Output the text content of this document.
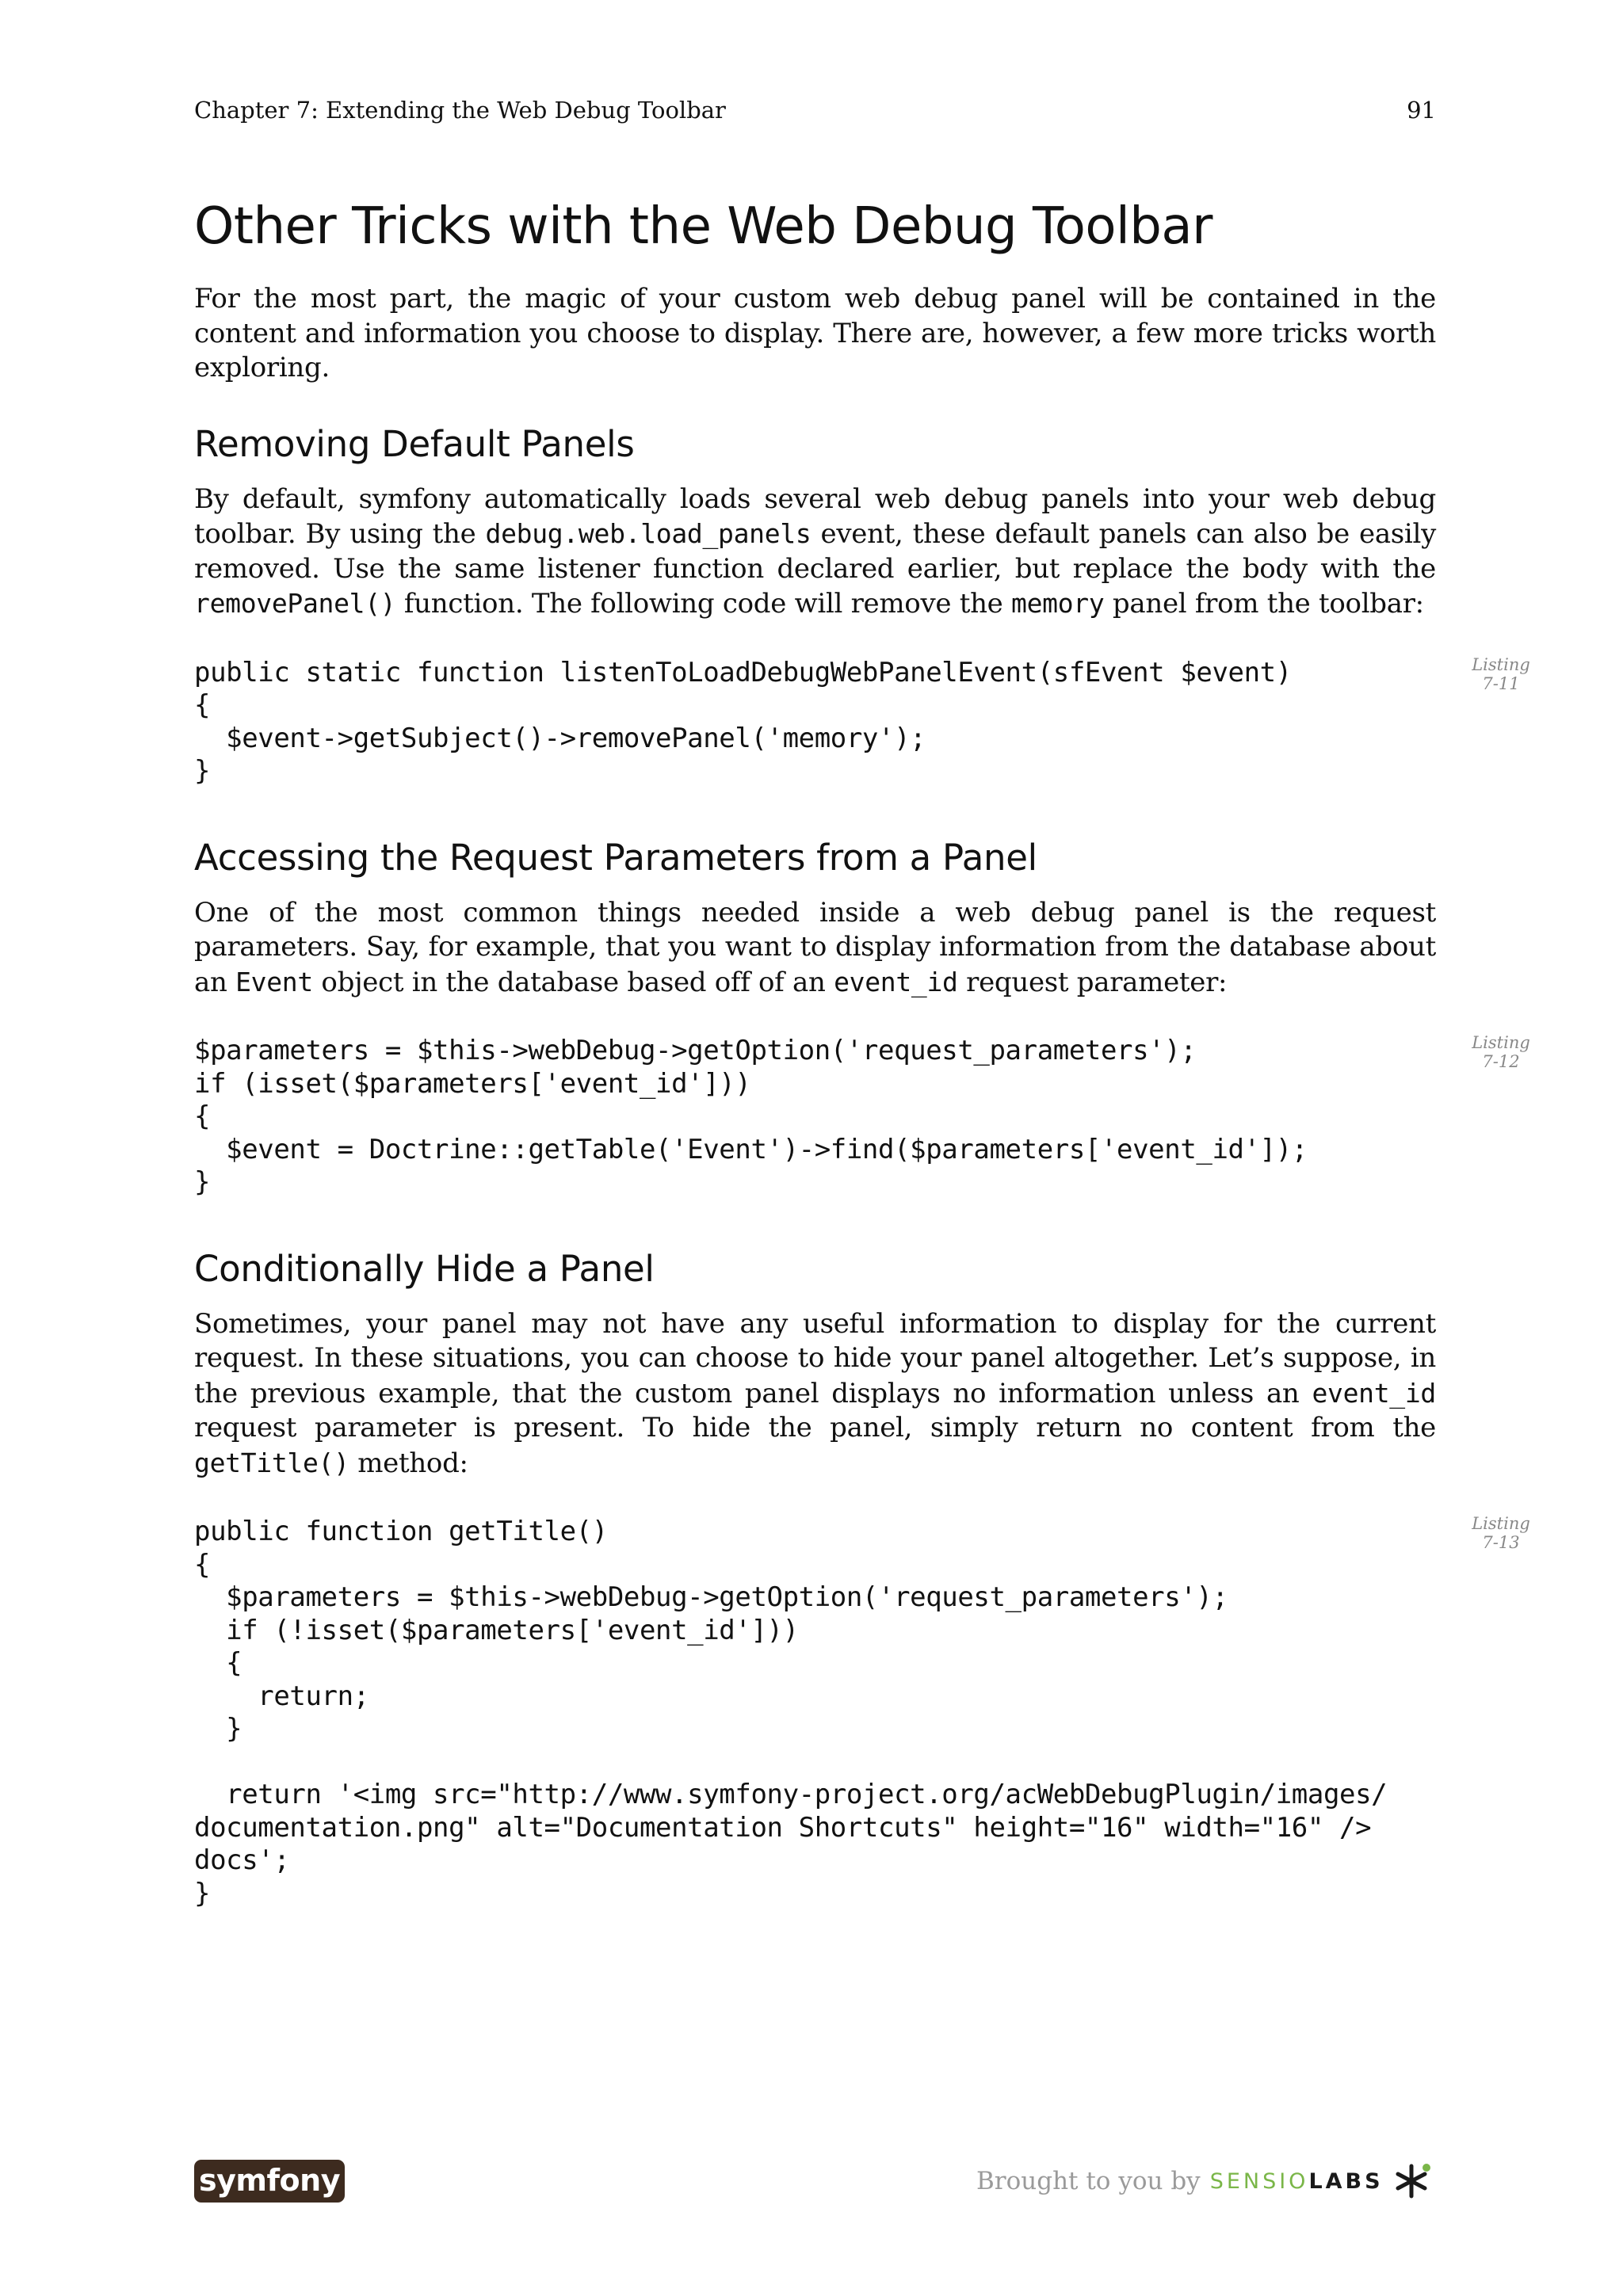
Chapter 7: Extending the Web Debug Toolbar	91
Other Tricks with the Web Debug Toolbar

For the most part, the magic of your custom web debug panel will be contained in the content and information you choose to display. There are, however, a few more tricks worth exploring.

Removing Default Panels

By default, symfony automatically loads several web debug panels into your web debug toolbar. By using the debug.web.load_panels event, these default panels can also be easily removed. Use the same listener function declared earlier, but replace the body with the removePanel() function. The following code will remove the memory panel from the toolbar:

public static function listenToLoadDebugWebPanelEvent(sfEvent $event)
{
$event->getSubject()->removePanel('memory');
}
Listing
7-11
Accessing the Request Parameters from a Panel

One of the most common things needed inside a web debug panel is the request parameters. Say, for example, that you want to display information from the database about an Event object in the database based off of an event_id request parameter:

$parameters = $this->webDebug->getOption('request_parameters');
if (isset($parameters['event_id']))
{
$event = Doctrine::getTable('Event')->find($parameters['event_id']);
}
Listing
7-12
Conditionally Hide a Panel

Sometimes, your panel may not have any useful information to display for the current request. In these situations, you can choose to hide your panel altogether. Let’s suppose, in the previous example, that the custom panel displays no information unless an event_id request parameter is present. To hide the panel, simply return no content from the getTitle() method:

public function getTitle()
{
$parameters = $this->webDebug->getOption('request_parameters');
if (!isset($parameters['event_id']))
{
return;
}

return '<img src="http://www.symfony-project.org/acWebDebugPlugin/images/
documentation.png" alt="Documentation Shortcuts" height="16" width="16" />
docs';
}
Listing
7-13
symfony	Brought to you by SENSIO LABS
